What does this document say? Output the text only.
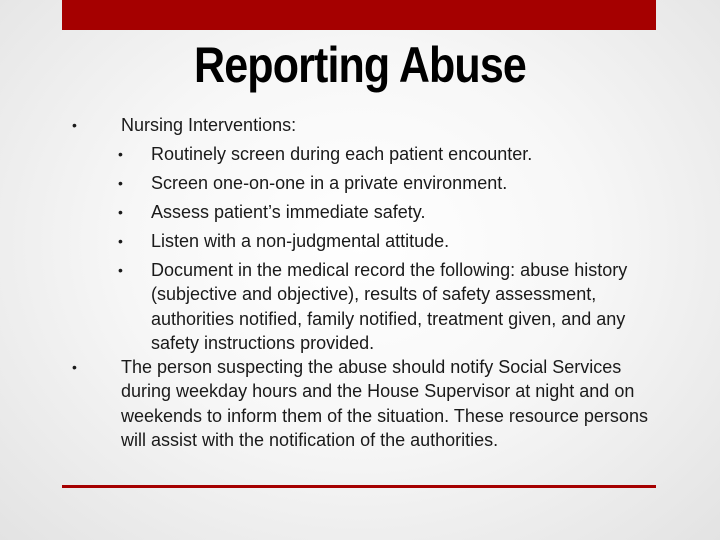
Reporting Abuse
• Nursing Interventions:
• Routinely screen during each patient encounter.
• Screen one-on-one in a private environment.
• Assess patient’s immediate safety.
• Listen with a non-judgmental attitude.
• Document in the medical record the following: abuse history (subjective and objective), results of safety assessment, authorities notified, family notified, treatment given, and any safety instructions provided.
• The person suspecting the abuse should notify Social Services during weekday hours and the House Supervisor at night and on weekends to inform them of the situation. These resource persons will assist with the notification of the authorities.
